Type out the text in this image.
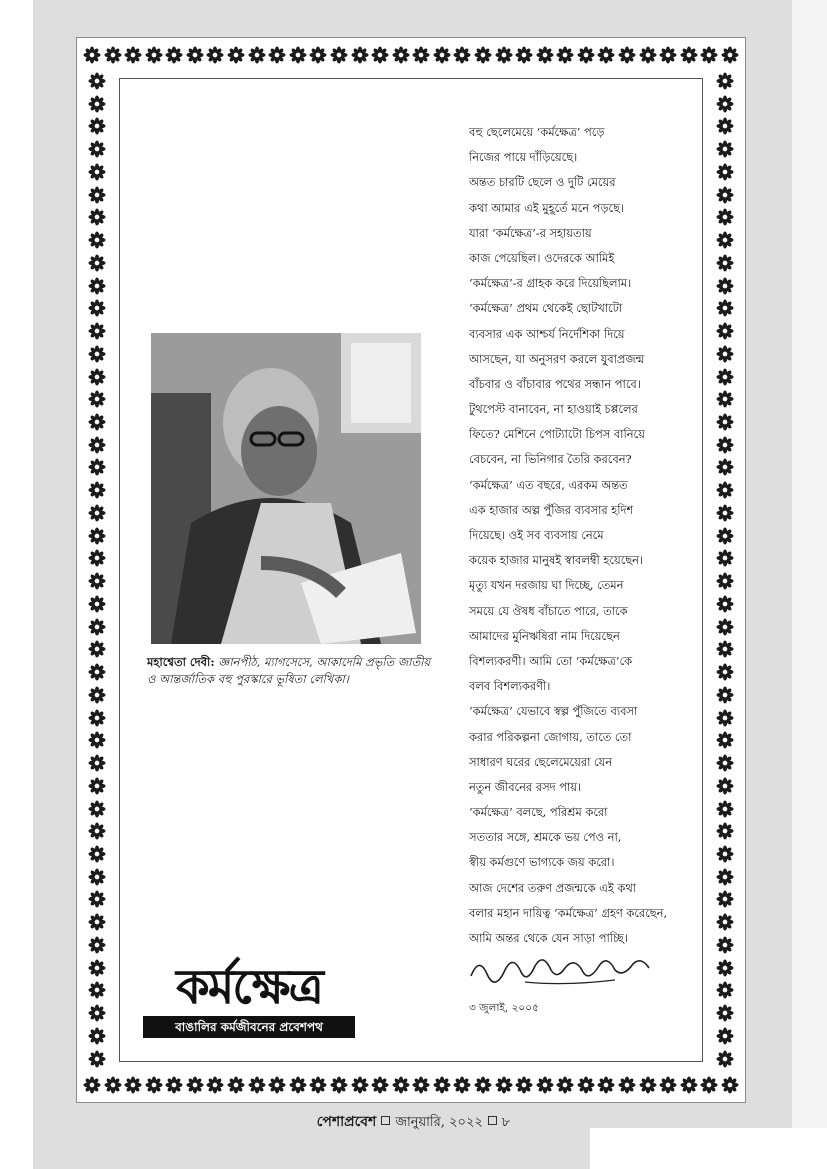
মহাশ্বেতা দেবী: জ্ঞানপীঠ, ম্যাগসেসে, আকাদেমি প্রভৃতি জাতীয় ও আন্তর্জাতিক বহু পুরস্কারে ভূষিতা লেখিকা।
বহু ছেলেমেয়ে ‘কর্মক্ষেত্র’ পড়ে
নিজের পায়ে দাঁড়িয়েছে।
অন্তত চারটি ছেলে ও দুটি মেয়ের
কথা আমার এই মুহূর্তে মনে পড়ছে।
যারা ‘কর্মক্ষেত্র’-র সহায়তায়
কাজ পেয়েছিল। ওদেরকে আমিই
‘কর্মক্ষেত্র’-র গ্রাহক করে দিয়েছিলাম।
‘কর্মক্ষেত্র’ প্রথম থেকেই ছোটখাটো
ব্যবসার এক আশ্চর্য নির্দেশিকা দিয়ে
আসছেন, যা অনুসরণ করলে যুবাপ্রজন্ম
বাঁচবার ও বাঁচাবার পথের সন্ধান পাবে।
টুথপেস্ট বানাবেন, না হাওয়াই চপ্পলের
ফিতে? মেশিনে পোট্যাটো চিপস বানিয়ে
বেচবেন, না ভিনিগার তৈরি করবেন?
‘কর্মক্ষেত্র’ এত বছরে, এরকম অন্তত
এক হাজার অল্প পুঁজির ব্যবসার হদিশ
দিয়েছে। ওই সব ব্যবসায় নেমে
কয়েক হাজার মানুষই স্বাবলম্বী হয়েছেন।
মৃত্যু যখন দরজায় ঘা দিচ্ছে, তেমন
সময়ে যে ঔষধ বাঁচাতে পারে, তাকে
আমাদের মুনিঋষিরা নাম দিয়েছেন
বিশল্যকরণী। আমি তো ‘কর্মক্ষেত্র’কে
বলব বিশল্যকরণী।
‘কর্মক্ষেত্র’ যেভাবে স্বল্প পুঁজিতে ব্যবসা
করার পরিকল্পনা জোগায়, তাতে তো
সাধারণ ঘরের ছেলেমেয়েরা যেন
নতুন জীবনের রসদ পায়।
‘কর্মক্ষেত্র’ বলছে, পরিশ্রম করো
সততার সঙ্গে, শ্রমকে ভয় পেও না,
স্বীয় কর্মগুণে ভাগ্যকে জয় করো।
আজ দেশের তরুণ প্রজন্মকে এই কথা
বলার মহান দায়িত্ব ‘কর্মক্ষেত্র’ গ্রহণ করেছেন,
আমি অন্তর থেকে যেন সাড়া পাচ্ছি।
৩ জুলাই, ২০০৫
কর্মক্ষেত্র
বাঙালির কর্মজীবনের প্রবেশপথ
পেশাপ্রবেশ জানুয়ারি, ২০২২ ৮
